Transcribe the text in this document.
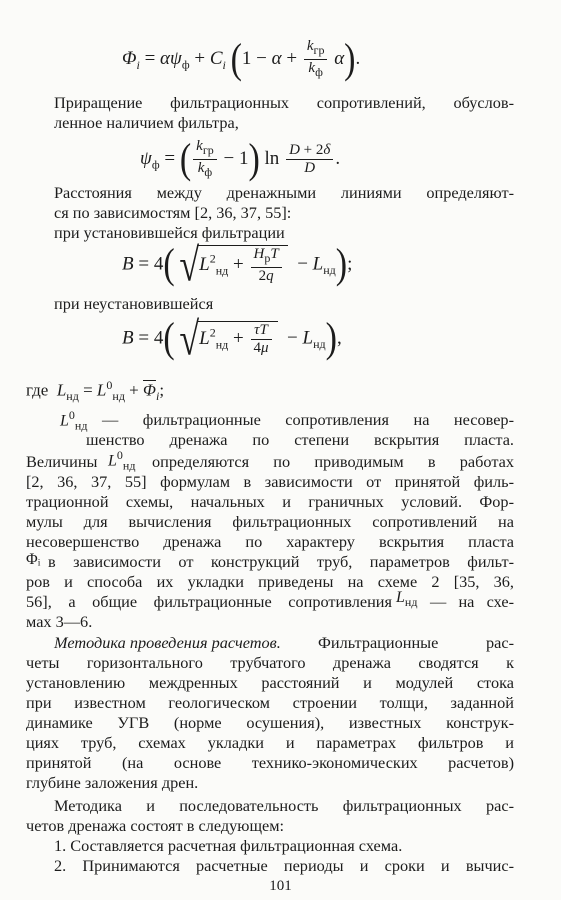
$\Phi_i = \alpha\psi_ф + C_i$ $(1 - \alpha + \frac{k_{гр}}{k_ф} \alpha)$.
Приращение фильтрационных сопротивлений, обуслов-
ленное наличием фильтра,
$\psi_ф$ = ( $\frac{k_{гр}}{k_ф} - 1$) $\ln \frac{D + 2\delta}{D}$ .
Расстояния между дренажными линиями определяют-
ся по зависимостям [2, 36, 37, 55]:
при установившейся фильтрации
B = 4( $√L^2_{нд} + \frac{H_рT}{2q} - L_{нд}$);
при неустановившейся
B = 4( $√L^2_{нд} + \frac{\tau T}{4\mu} - L_{нд}$),
где  $L_{нд} = L^0_{нд} + \overline{\Phi}_i$;
$L^0_{нд}$ — фильтрационные сопротивления на несовер-
шенство дренажа по степени вскрытия пласта.
Величины $L^0_{нд}$ определяются по приводимым в работах
[2, 36, 37, 55] формулам в зависимости от принятой филь-
трационной схемы, начальных и граничных условий. Фор-
мулы для вычисления фильтрационных сопротивлений на
несовершенство дренажа по характеру вскрытия пласта
Φᵢ в зависимости от конструкций труб, параметров фильт-
ров и способа их укладки приведены на схеме 2 [35, 36,
56], а общие фильтрационные сопротивления $L_{нд}$ — на схе-
мах 3—6.
Методика проведения расчетов.	Фильтрационные рас-
четы горизонтального трубчатого дренажа сводятся к
установлению междренных расстояний и модулей стока
при известном геологическом строении толщи, заданной
динамике УГВ (норме осушения), известных конструк-
циях труб, схемах укладки и параметрах фильтров и
принятой (на основе технико-экономических расчетов)
глубине заложения дрен.
Методика и последовательность фильтрационных рас-
четов дренажа состоят в следующем:
1. Составляется расчетная фильтрационная схема.
2. Принимаются расчетные периоды и сроки и вычис-
101
